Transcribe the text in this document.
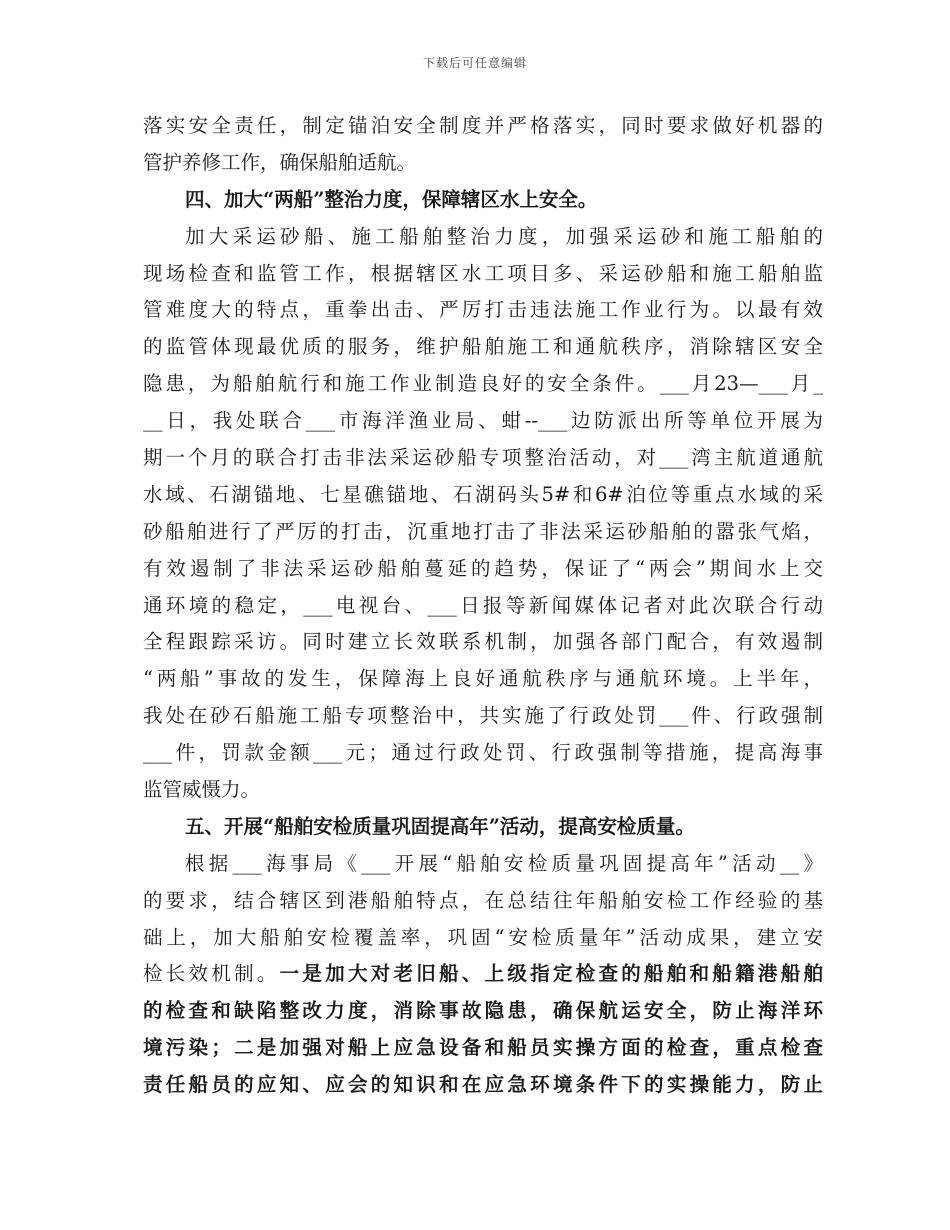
下载后可任意编辑
落实安全责任，制定锚泊安全制度并严格落实，同时要求做好机器的
管护养修工作，确保船舶适航。
四、加大“两船”整治力度，保障辖区水上安全。
加大采运砂船、施工船舶整治力度，加强采运砂和施工船舶的
现场检查和监管工作，根据辖区水工项目多、采运砂船和施工船舶监
管难度大的特点，重拳出击、严厉打击违法施工作业行为。以最有效
的监管体现最优质的服务，维护船舶施工和通航秩序，消除辖区安全
隐患，为船舶航行和施工作业制造良好的安全条件。___月23—___月_
__日，我处联合___市海洋渔业局、蚶--___边防派出所等单位开展为
期一个月的联合打击非法采运砂船专项整治活动，对___湾主航道通航
水域、石湖锚地、七星礁锚地、石湖码头5#和6#泊位等重点水域的采
砂船舶进行了严厉的打击，沉重地打击了非法采运砂船舶的嚣张气焰，
有效遏制了非法采运砂船舶蔓延的趋势，保证了“两会”期间水上交
通环境的稳定，___电视台、___日报等新闻媒体记者对此次联合行动
全程跟踪采访。同时建立长效联系机制，加强各部门配合，有效遏制
“两船”事故的发生，保障海上良好通航秩序与通航环境。上半年，
我处在砂石船施工船专项整治中，共实施了行政处罚___件、行政强制
___件，罚款金额___元；通过行政处罚、行政强制等措施，提高海事
监管威慑力。
五、开展“船舶安检质量巩固提高年”活动，提高安检质量。
根据___海事局《___开展“船舶安检质量巩固提高年”活动__》
的要求，结合辖区到港船舶特点，在总结往年船舶安检工作经验的基
础上，加大船舶安检覆盖率，巩固“安检质量年”活动成果，建立安
检长效机制。一是加大对老旧船、上级指定检查的船舶和船籍港船舶
的检查和缺陷整改力度，消除事故隐患，确保航运安全，防止海洋环
境污染；二是加强对船上应急设备和船员实操方面的检查，重点检查
责任船员的应知、应会的知识和在应急环境条件下的实操能力，防止
